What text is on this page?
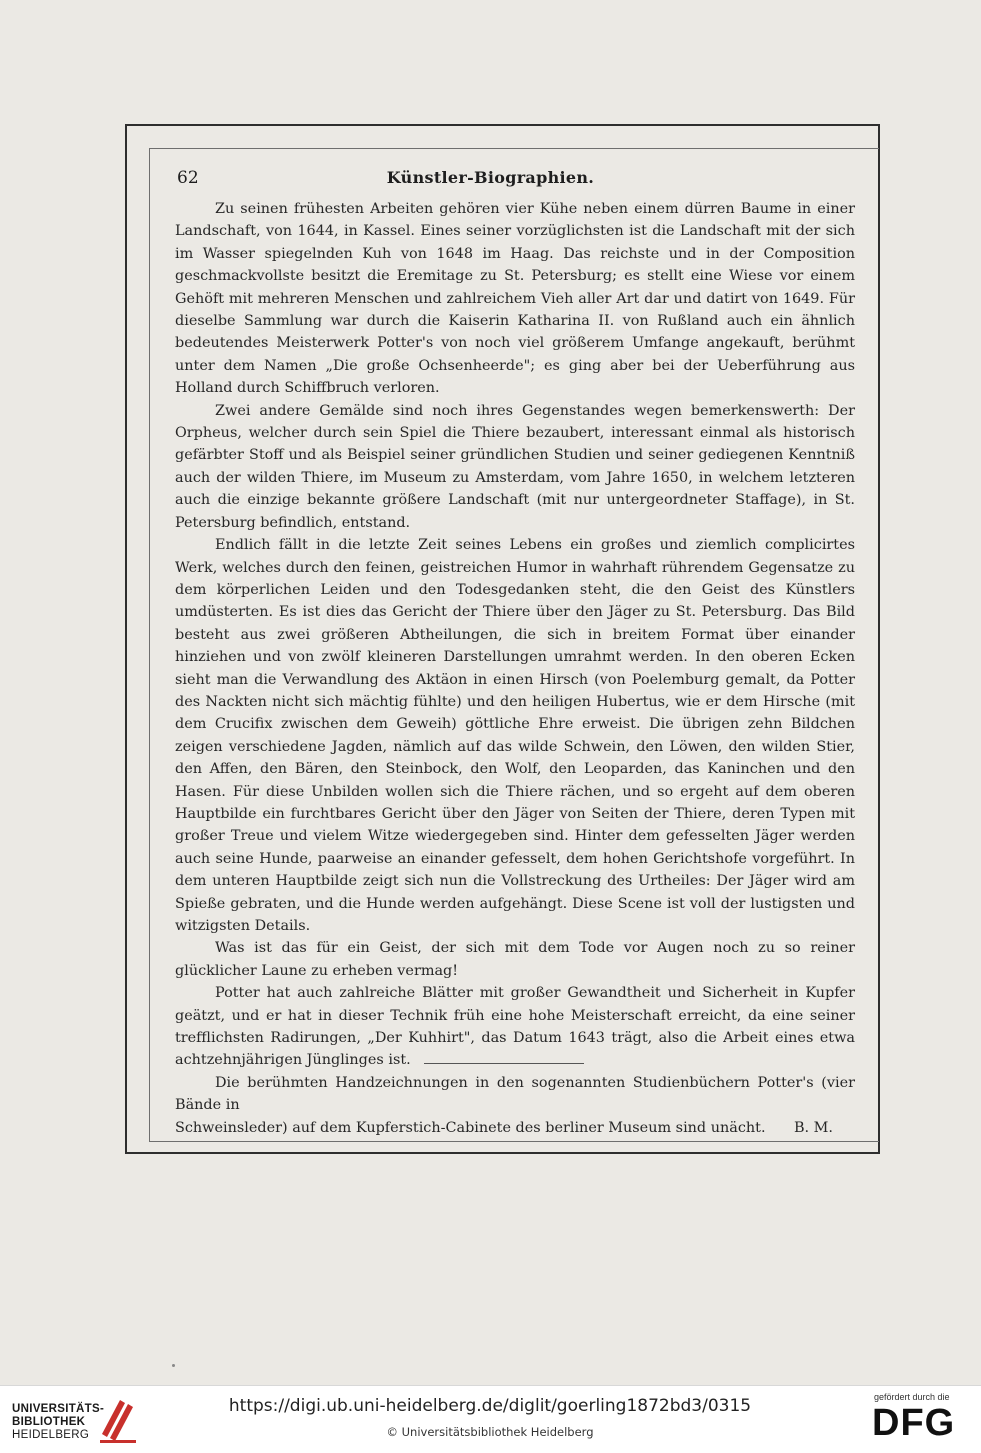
62	Künstler-Biographien.

Zu seinen frühesten Arbeiten gehören vier Kühe neben einem dürren Baume in einer Landschaft, von 1644, in Kassel. Eines seiner vorzüglichsten ist die Landschaft mit der sich im Wasser spiegelnden Kuh von 1648 im Haag. Das reichste und in der Composition geschmackvollste besitzt die Eremitage zu St. Petersburg; es stellt eine Wiese vor einem Gehöft mit mehreren Menschen und zahlreichem Vieh aller Art dar und datirt von 1649. Für dieselbe Sammlung war durch die Kaiserin Katharina II. von Rußland auch ein ähnlich bedeutendes Meisterwerk Potter's von noch viel größerem Umfange angekauft, berühmt unter dem Namen „Die große Ochsenheerde"; es ging aber bei der Ueberführung aus Holland durch Schiffbruch verloren.

Zwei andere Gemälde sind noch ihres Gegenstandes wegen bemerkenswerth: Der Orpheus, welcher durch sein Spiel die Thiere bezaubert, interessant einmal als historisch gefärbter Stoff und als Beispiel seiner gründlichen Studien und seiner gediegenen Kenntniß auch der wilden Thiere, im Museum zu Amsterdam, vom Jahre 1650, in welchem letzteren auch die einzige bekannte größere Landschaft (mit nur untergeordneter Staffage), in St. Petersburg befindlich, entstand.

Endlich fällt in die letzte Zeit seines Lebens ein großes und ziemlich complicirtes Werk, welches durch den feinen, geistreichen Humor in wahrhaft rührendem Gegensatze zu dem körperlichen Leiden und den Todesgedanken steht, die den Geist des Künstlers umdüsterten. Es ist dies das Gericht der Thiere über den Jäger zu St. Petersburg. Das Bild besteht aus zwei größeren Abtheilungen, die sich in breitem Format über einander hinziehen und von zwölf kleineren Darstellungen umrahmt werden. In den oberen Ecken sieht man die Verwandlung des Aktäon in einen Hirsch (von Poelemburg gemalt, da Potter des Nackten nicht sich mächtig fühlte) und den heiligen Hubertus, wie er dem Hirsche (mit dem Crucifix zwischen dem Geweih) göttliche Ehre erweist. Die übrigen zehn Bildchen zeigen verschiedene Jagden, nämlich auf das wilde Schwein, den Löwen, den wilden Stier, den Affen, den Bären, den Steinbock, den Wolf, den Leoparden, das Kaninchen und den Hasen. Für diese Unbilden wollen sich die Thiere rächen, und so ergeht auf dem oberen Hauptbilde ein furchtbares Gericht über den Jäger von Seiten der Thiere, deren Typen mit großer Treue und vielem Witze wiedergegeben sind. Hinter dem gefesselten Jäger werden auch seine Hunde, paarweise an einander gefesselt, dem hohen Gerichtshofe vorgeführt. In dem unteren Hauptbilde zeigt sich nun die Vollstreckung des Urtheiles: Der Jäger wird am Spieße gebraten, und die Hunde werden aufgehängt. Diese Scene ist voll der lustigsten und witzigsten Details.

Was ist das für ein Geist, der sich mit dem Tode vor Augen noch zu so reiner glücklicher Laune zu erheben vermag!

Potter hat auch zahlreiche Blätter mit großer Gewandtheit und Sicherheit in Kupfer geätzt, und er hat in dieser Technik früh eine hohe Meisterschaft erreicht, da eine seiner trefflichsten Radirungen, „Der Kuhhirt", das Datum 1643 trägt, also die Arbeit eines etwa achtzehnjährigen Jünglinges ist.

Die berühmten Handzeichnungen in den sogenannten Studienbüchern Potter's (vier Bände in

Schweinsleder) auf dem Kupferstich-Cabinete des berliner Museum sind unächt. B. M.
UNIVERSITÄTS-
BIBLIOTHEK
HEIDELBERG
https://digi.ub.uni-heidelberg.de/diglit/goerling1872bd3/0315
© Universitätsbibliothek Heidelberg
gefördert durch die
DFG
